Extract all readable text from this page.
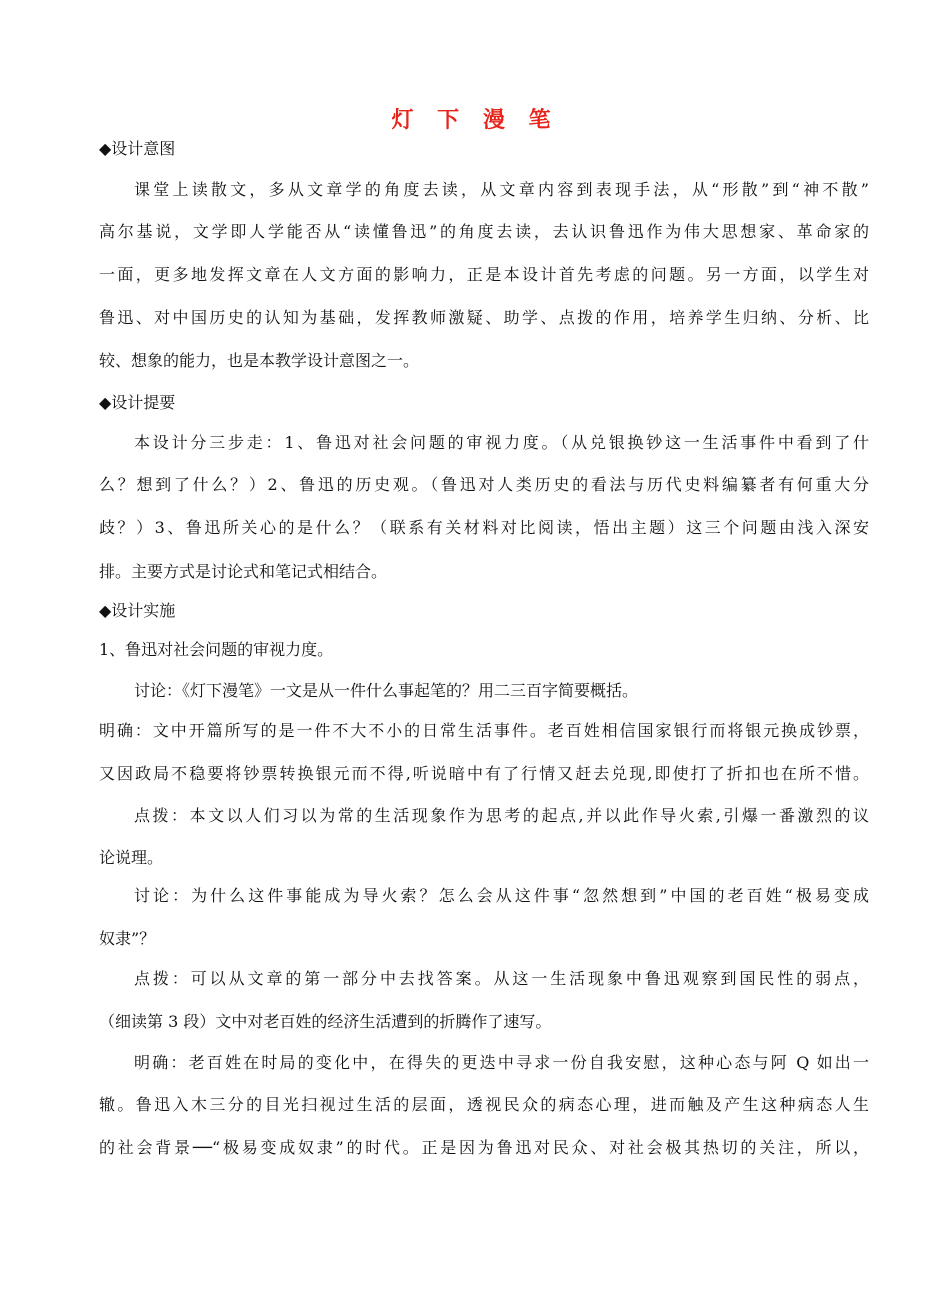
灯 下 漫 笔
◆设计意图
课堂上读散文，多从文章学的角度去读，从文章内容到表现手法，从“形散”到“神不散”
高尔基说，文学即人学能否从“读懂鲁迅”的角度去读，去认识鲁迅作为伟大思想家、革命家的
一面，更多地发挥文章在人文方面的影响力，正是本设计首先考虑的问题。另一方面，以学生对
鲁迅、对中国历史的认知为基础，发挥教师激疑、助学、点拨的作用，培养学生归纳、分析、比
较、想象的能力，也是本教学设计意图之一。
◆设计提要
本设计分三步走：1、鲁迅对社会问题的审视力度。（从兑银换钞这一生活事件中看到了什
么？想到了什么？）2、鲁迅的历史观。（鲁迅对人类历史的看法与历代史料编纂者有何重大分
歧？）3、鲁迅所关心的是什么？（联系有关材料对比阅读，悟出主题）这三个问题由浅入深安
排。主要方式是讨论式和笔记式相结合。
◆设计实施
1、鲁迅对社会问题的审视力度。
讨论：《灯下漫笔》一文是从一件什么事起笔的？用二三百字简要概括。
明确：文中开篇所写的是一件不大不小的日常生活事件。老百姓相信国家银行而将银元换成钞票，
又因政局不稳要将钞票转换银元而不得,听说暗中有了行情又赶去兑现,即使打了折扣也在所不惜。
点拨：本文以人们习以为常的生活现象作为思考的起点,并以此作导火索,引爆一番激烈的议
论说理。
讨论：为什么这件事能成为导火索？怎么会从这件事“忽然想到”中国的老百姓“极易变成
奴隶”？
点拨：可以从文章的第一部分中去找答案。从这一生活现象中鲁迅观察到国民性的弱点，
（细读第 3 段）文中对老百姓的经济生活遭到的折腾作了速写。
明确：老百姓在时局的变化中，在得失的更迭中寻求一份自我安慰，这种心态与阿 Q 如出一
辙。鲁迅入木三分的目光扫视过生活的层面，透视民众的病态心理，进而触及产生这种病态人生
的社会背景──“极易变成奴隶”的时代。正是因为鲁迅对民众、对社会极其热切的关注，所以，
